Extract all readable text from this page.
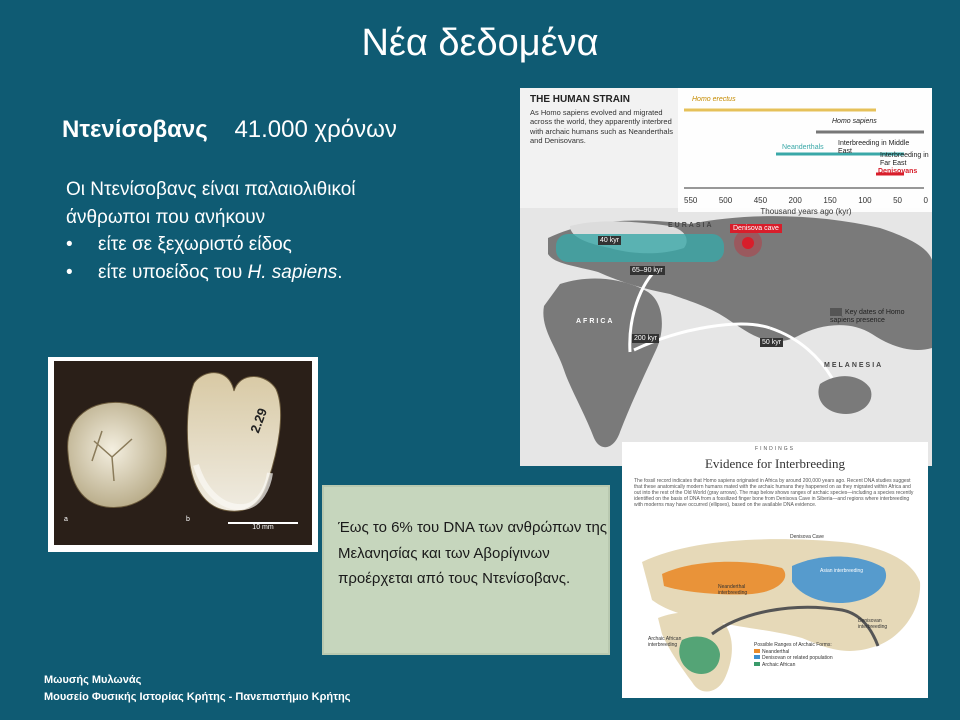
Νέα δεδομένα
Ντενίσοβανς 41.000 χρόνων
Οι Ντενίσοβανς είναι παλαιολιθικοί
άνθρωποι που ανήκουν
• είτε σε ξεχωριστό είδος
• είτε υποείδος του H. sapiens.
a	b
2.29
10 mm
THE HUMAN STRAIN
As Homo sapiens evolved and migrated across the world, they apparently interbred with archaic humans such as Neanderthals and Denisovans.
Homo erectus
Homo sapiens
Interbreeding in Middle East
Neanderthals
Interbreeding in Far East
Denisovans
550	500	450	200	150	100	50	0
Thousand years ago (kyr)
EURASIA
AFRICA
MELANESIA
Denisova cave
40 kyr
65–90 kyr
200 kyr
50 kyr
Key dates of Homo sapiens presence
FINDINGS
Evidence for Interbreeding
The fossil record indicates that Homo sapiens originated in Africa by around 200,000 years ago. Recent DNA studies suggest that these anatomically modern humans mated with the archaic humans they happened on as they migrated within Africa and out into the rest of the Old World (gray arrows). The map below shows ranges of archaic species—including a species recently identified on the basis of DNA from a fossilized finger bone from Denisova Cave in Siberia—and regions where interbreeding with moderns may have occurred (ellipses), based on the available DNA evidence.
Denisova Cave
Neanderthal interbreeding
Asian interbreeding
Denisovan interbreeding
Archaic African interbreeding	Possible Ranges of Archaic Forms:
Neanderthal
Denisovan or related population
Archaic African
Έως το 6% του DNA των ανθρώπων της Μελανησίας και των Αβορίγινων προέρχεται από τους Ντενίσοβανς.
Μωυσής Μυλωνάς
Μουσείο Φυσικής Ιστορίας Κρήτης - Πανεπιστήμιο Κρήτης
